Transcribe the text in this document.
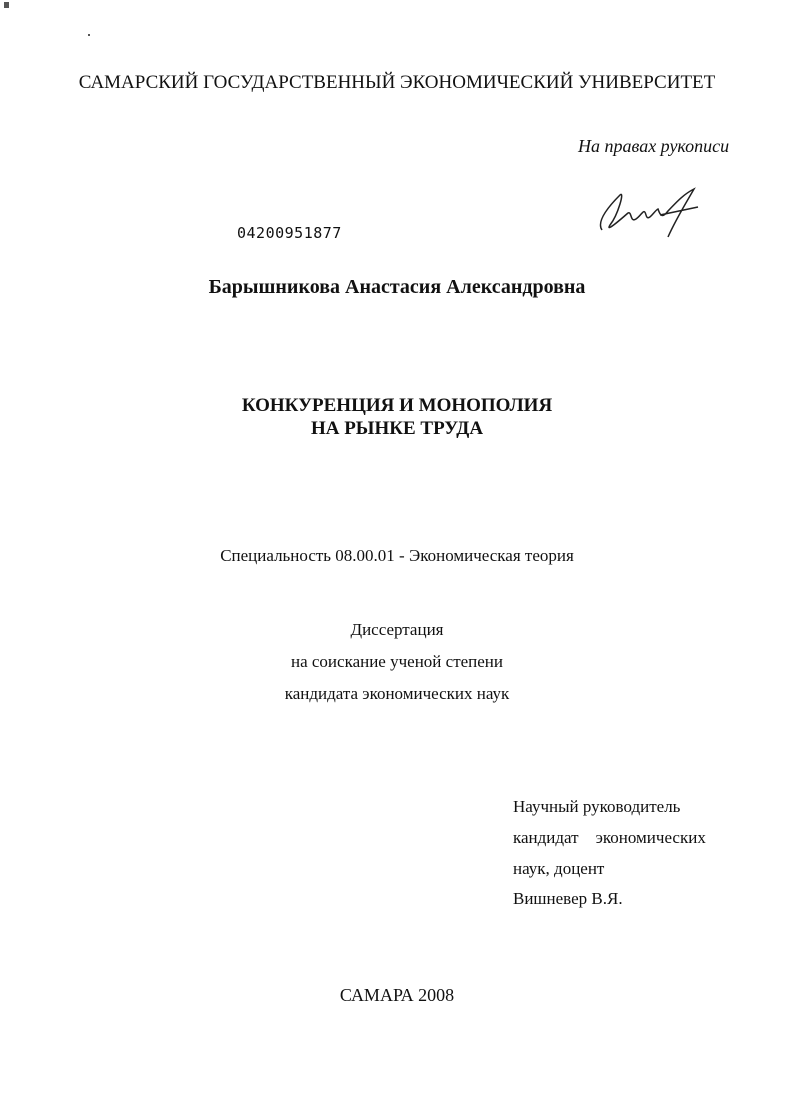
САМАРСКИЙ ГОСУДАРСТВЕННЫЙ ЭКОНОМИЧЕСКИЙ УНИВЕРСИТЕТ
На правах рукописи
04200951877
Барышникова Анастасия Александровна
КОНКУРЕНЦИЯ И МОНОПОЛИЯ
НА РЫНКЕ ТРУДА
Специальность 08.00.01 - Экономическая теория
Диссертация
на соискание ученой степени
кандидата экономических наук
Научный руководитель
кандидат    экономических
наук, доцент
Вишневер В.Я.
САМАРА 2008
